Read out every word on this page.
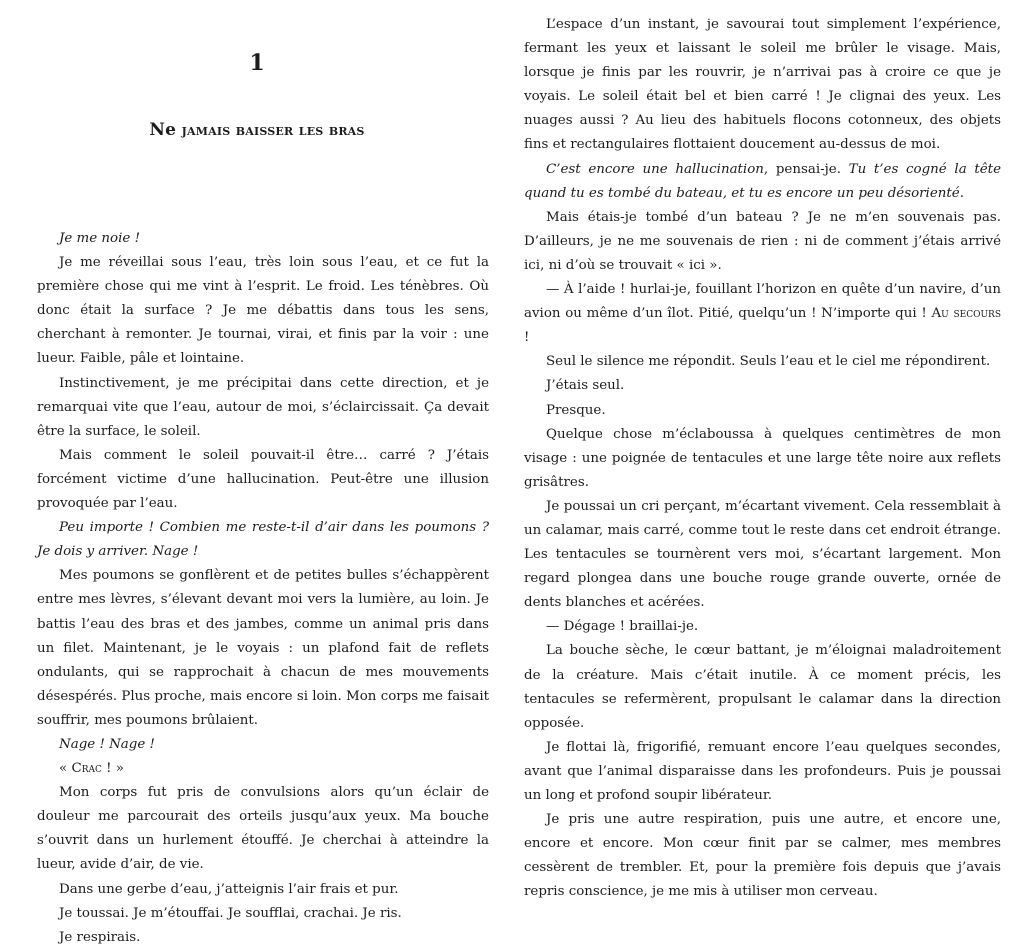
1
Ne jamais baisser les bras

Je me noie !

Je me réveillai sous l’eau, très loin sous l’eau, et ce fut la première chose qui me vint à l’esprit. Le froid. Les ténèbres. Où donc était la surface ? Je me débattis dans tous les sens, cherchant à remonter. Je tournai, virai, et finis par la voir : une lueur. Faible, pâle et lointaine.

Instinctivement, je me précipitai dans cette direction, et je remarquai vite que l’eau, autour de moi, s’éclaircissait. Ça devait être la surface, le soleil.

Mais comment le soleil pouvait-il être… carré ? J’étais forcément victime d’une hallucination. Peut-être une illusion provoquée par l’eau.

Peu importe ! Combien me reste-t-il d’air dans les poumons ? Je dois y arriver. Nage !

Mes poumons se gonflèrent et de petites bulles s’échappèrent entre mes lèvres, s’élevant devant moi vers la lumière, au loin. Je battis l’eau des bras et des jambes, comme un animal pris dans un filet. Maintenant, je le voyais : un plafond fait de reflets ondulants, qui se rapprochait à chacun de mes mouvements désespérés. Plus proche, mais encore si loin. Mon corps me faisait souffrir, mes poumons brûlaient.

Nage ! Nage !

« Crac ! »

Mon corps fut pris de convulsions alors qu’un éclair de douleur me parcourait des orteils jusqu’aux yeux. Ma bouche s’ouvrit dans un hurlement étouffé. Je cherchai à atteindre la lueur, avide d’air, de vie.

Dans une gerbe d’eau, j’atteignis l’air frais et pur.

Je toussai. Je m’étouffai. Je soufflai, crachai. Je ris.

Je respirais.

L’espace d’un instant, je savourai tout simplement l’expérience, fermant les yeux et laissant le soleil me brûler le visage. Mais, lorsque je finis par les rouvrir, je n’arrivai pas à croire ce que je voyais. Le soleil était bel et bien carré ! Je clignai des yeux. Les nuages aussi ? Au lieu des habituels flocons cotonneux, des objets fins et rectangulaires flottaient doucement au-dessus de moi.

C’est encore une hallucination, pensai-je. Tu t’es cogné la tête quand tu es tombé du bateau, et tu es encore un peu désorienté.

Mais étais-je tombé d’un bateau ? Je ne m’en souvenais pas. D’ailleurs, je ne me souvenais de rien : ni de comment j’étais arrivé ici, ni d’où se trouvait « ici ».

— À l’aide ! hurlai-je, fouillant l’horizon en quête d’un navire, d’un avion ou même d’un îlot. Pitié, quelqu’un ! N’importe qui ! Au secours !

Seul le silence me répondit. Seuls l’eau et le ciel me répondirent.

J’étais seul.

Presque.

Quelque chose m’éclaboussa à quelques centimètres de mon visage : une poignée de tentacules et une large tête noire aux reflets grisâtres.

Je poussai un cri perçant, m’écartant vivement. Cela ressemblait à un calamar, mais carré, comme tout le reste dans cet endroit étrange. Les tentacules se tournèrent vers moi, s’écartant largement. Mon regard plongea dans une bouche rouge grande ouverte, ornée de dents blanches et acérées.

— Dégage ! braillai-je.

La bouche sèche, le cœur battant, je m’éloignai maladroitement de la créature. Mais c’était inutile. À ce moment précis, les tentacules se refermèrent, propulsant le calamar dans la direction opposée.

Je flottai là, frigorifié, remuant encore l’eau quelques secondes, avant que l’animal disparaisse dans les profondeurs. Puis je poussai un long et profond soupir libérateur.

Je pris une autre respiration, puis une autre, et encore une, encore et encore. Mon cœur finit par se calmer, mes membres cessèrent de trembler. Et, pour la première fois depuis que j’avais repris conscience, je me mis à utiliser mon cerveau.
